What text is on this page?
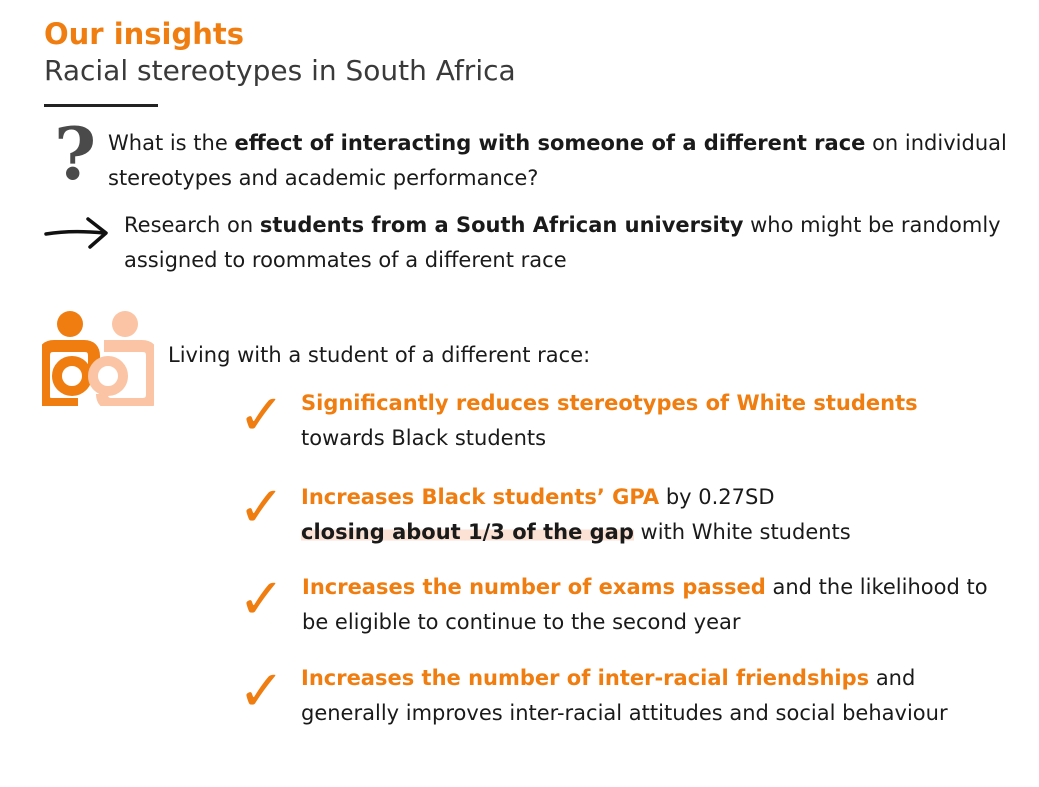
Our insights
Racial stereotypes in South Africa
? What is the effect of interacting with someone of a different race on individual stereotypes and academic performance?
Research on students from a South African university who might be randomly assigned to roommates of a different race
Living with a student of a different race:
✓ Significantly reduces stereotypes of White students towards Black students
✓ Increases Black students’ GPA by 0.27SD
closing about 1/3 of the gap with White students
✓ Increases the number of exams passed and the likelihood to be eligible to continue to the second year
✓ Increases the number of inter-racial friendships and generally improves inter-racial attitudes and social behaviour
